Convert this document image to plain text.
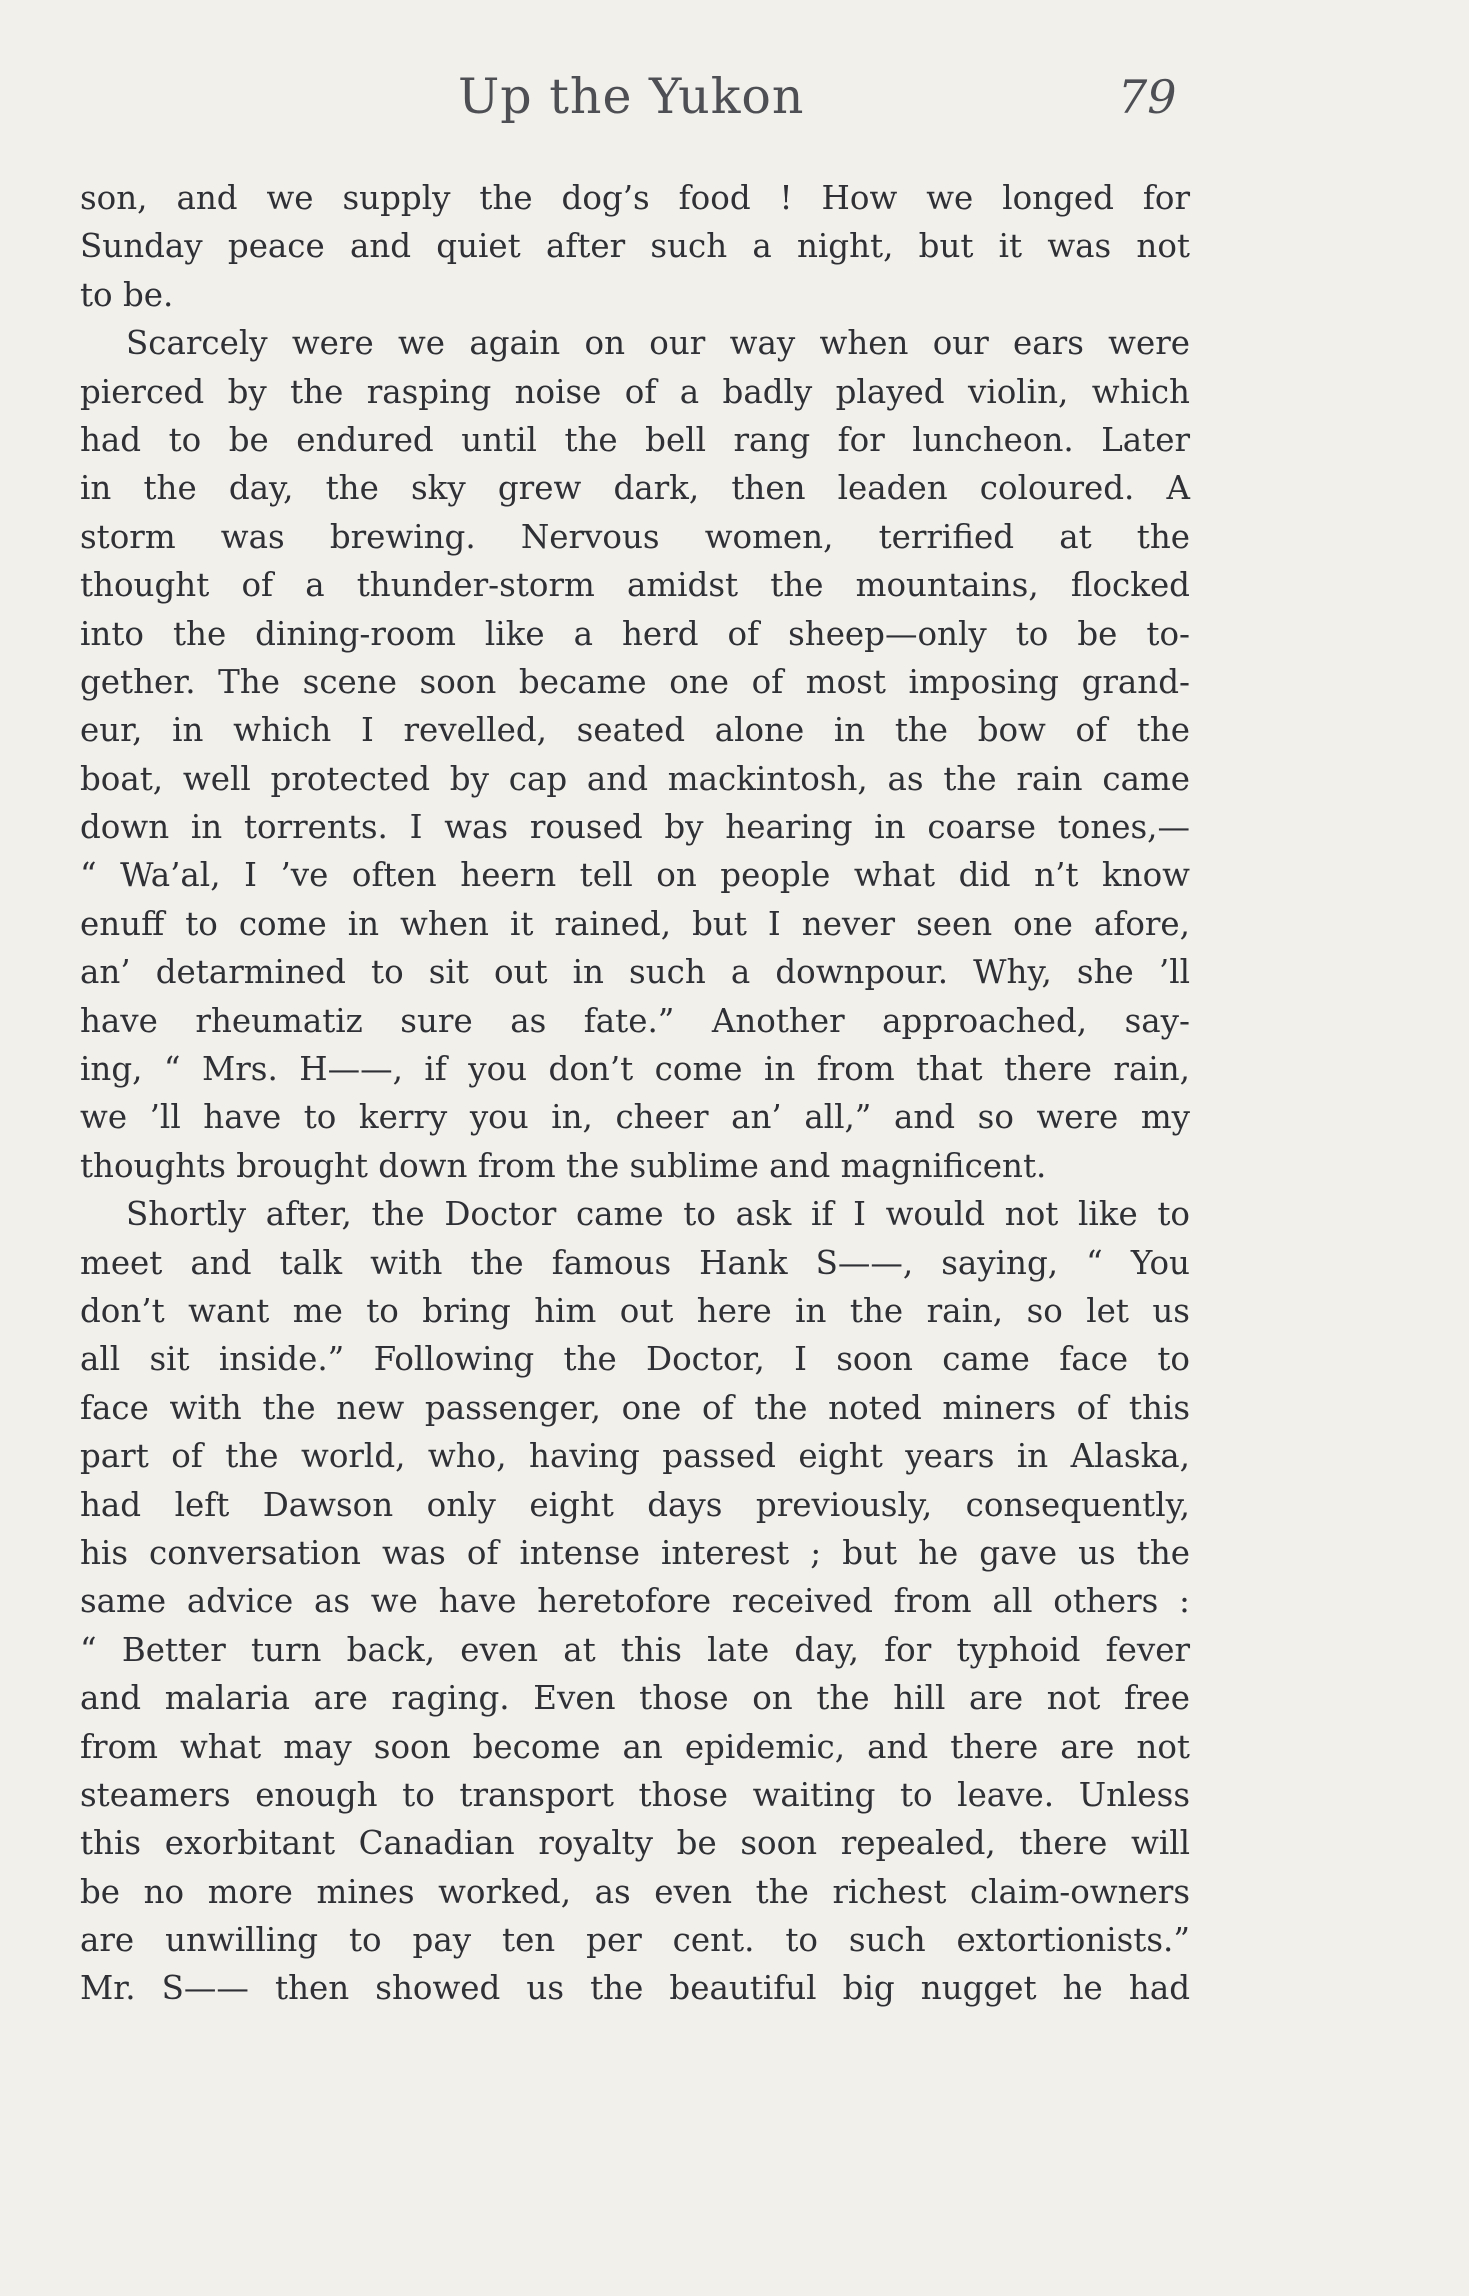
Up the Yukon	79
son, and we supply the dog’s food ! How we longed for
Sunday peace and quiet after such a night, but it was not
to be.
Scarcely were we again on our way when our ears were
pierced by the rasping noise of a badly played violin, which
had to be endured until the bell rang for luncheon. Later
in the day, the sky grew dark, then leaden coloured. A
storm was brewing. Nervous women, terrified at the
thought of a thunder-storm amidst the mountains, flocked
into the dining-room like a herd of sheep—only to be to-
gether. The scene soon became one of most imposing grand-
eur, in which I revelled, seated alone in the bow of the
boat, well protected by cap and mackintosh, as the rain came
down in torrents. I was roused by hearing in coarse tones,—
“ Wa’al, I ’ve often heern tell on people what did n’t know
enuff to come in when it rained, but I never seen one afore,
an’ detarmined to sit out in such a downpour. Why, she ’ll
have rheumatiz sure as fate.” Another approached, say-
ing, “ Mrs. H——, if you don’t come in from that there rain,
we ’ll have to kerry you in, cheer an’ all,” and so were my
thoughts brought down from the sublime and magnificent.
Shortly after, the Doctor came to ask if I would not like to
meet and talk with the famous Hank S——, saying, “ You
don’t want me to bring him out here in the rain, so let us
all sit inside.” Following the Doctor, I soon came face to
face with the new passenger, one of the noted miners of this
part of the world, who, having passed eight years in Alaska,
had left Dawson only eight days previously, consequently,
his conversation was of intense interest ; but he gave us the
same advice as we have heretofore received from all others :
“ Better turn back, even at this late day, for typhoid fever
and malaria are raging. Even those on the hill are not free
from what may soon become an epidemic, and there are not
steamers enough to transport those waiting to leave. Unless
this exorbitant Canadian royalty be soon repealed, there will
be no more mines worked, as even the richest claim-owners
are unwilling to pay ten per cent. to such extortionists.”
Mr. S—— then showed us the beautiful big nugget he had
